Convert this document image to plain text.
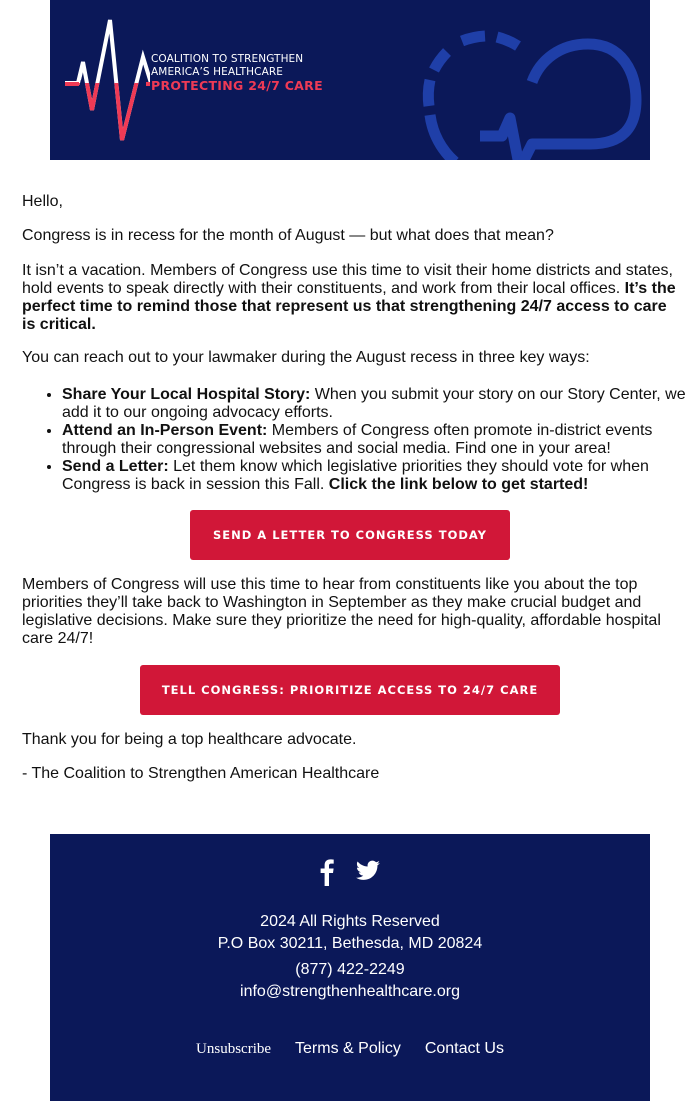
COALITION TO STRENGTHEN
AMERICA’S HEALTHCARE
PROTECTING 24/7 CARE

Hello,

Congress is in recess for the month of August — but what does that mean?

It isn’t a vacation. Members of Congress use this time to visit their home districts and states, hold events to speak directly with their constituents, and work from their local offices. It’s the perfect time to remind those that represent us that strengthening 24/7 access to care is critical.

You can reach out to your lawmaker during the August recess in three key ways:

• Share Your Local Hospital Story: When you submit your story on our Story Center, we add it to our ongoing advocacy efforts.
• Attend an In-Person Event: Members of Congress often promote in-district events through their congressional websites and social media. Find one in your area!
• Send a Letter: Let them know which legislative priorities they should vote for when Congress is back in session this Fall. Click the link below to get started!

Members of Congress will use this time to hear from constituents like you about the top priorities they’ll take back to Washington in September as they make crucial budget and legislative decisions. Make sure they prioritize the need for high-quality, affordable hospital care 24/7!

Thank you for being a top healthcare advocate.

- The Coalition to Strengthen American Healthcare

SEND A LETTER TO CONGRESS TODAY
TELL CONGRESS: PRIORITIZE ACCESS TO 24/7 CARE
2024 All Rights Reserved
P.O Box 30211, Bethesda, MD 20824
(877) 422-2249
info@strengthenhealthcare.org
Unsubscribe Terms & Policy Contact Us
